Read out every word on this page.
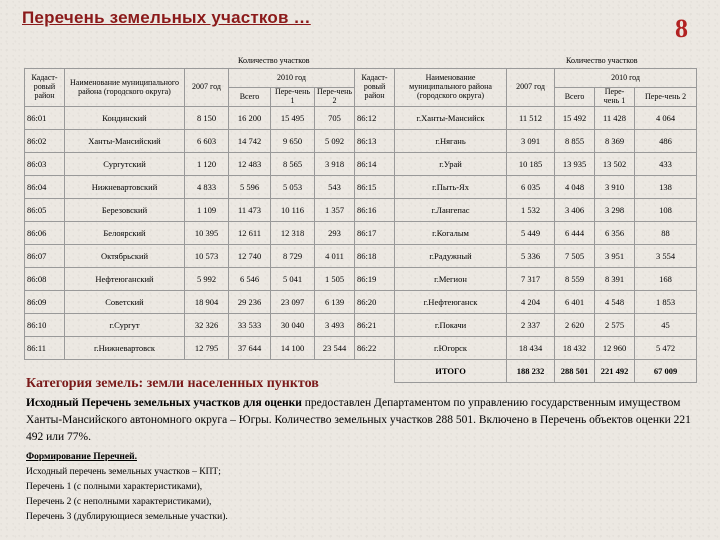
Перечень земельных участков …	8
Количество участков	Количество участков
Кадаст-ровый район	Наименование муниципального района (городского округа)	2007 год	2010 год			Кадаст-ровый район	Наименование муниципального района (городского округа)	2007 год	2010 год		
			Всего	Пере-чень 1	Пере-чень 2				Всего	Пере-чень 1	Пере-чень 2
86:01	Кондинский	8 150	16 200	15 495	705	86:12	г.Ханты-Мансийск	11 512	15 492	11 428	4 064
86:02	Ханты-Мансийский	6 603	14 742	9 650	5 092	86:13	г.Нягань	3 091	8 855	8 369	486
86:03	Сургутский	1 120	12 483	8 565	3 918	86:14	г.Урай	10 185	13 935	13 502	433
86:04	Нижневартовский	4 833	5 596	5 053	543	86:15	г.Пыть-Ях	6 035	4 048	3 910	138
86:05	Березовский	1 109	11 473	10 116	1 357	86:16	г.Лангепас	1 532	3 406	3 298	108
86:06	Белоярский	10 395	12 611	12 318	293	86:17	г.Когалым	5 449	6 444	6 356	88
86:07	Октябрьский	10 573	12 740	8 729	4 011	86:18	г.Радужный	5 336	7 505	3 951	3 554
86:08	Нефтеюганский	5 992	6 546	5 041	1 505	86:19	г.Мегион	7 317	8 559	8 391	168
86:09	Советский	18 904	29 236	23 097	6 139	86:20	г.Нефтеюганск	4 204	6 401	4 548	1 853
86:10	г.Сургут	32 326	33 533	30 040	3 493	86:21	г.Покачи	2 337	2 620	2 575	45
86:11	г.Нижневартовск	12 795	37 644	14 100	23 544	86:22	г.Югорск	18 434	18 432	12 960	5 472
							ИТОГО	188 232	288 501	221 492	67 009
Категория земель: земли населенных пунктов

Исходный Перечень земельных участков для оценки предоставлен Департаментом по управлению государственным имуществом Ханты-Мансийского автономного округа – Югры. Количество земельных участков 288 501. Включено в Перечень объектов оценки 221 492 или 77%.

Формирование Перечней.
Исходный перечень земельных участков – КПТ;
Перечень 1 (с полными характеристиками),
Перечень 2 (с неполными характеристиками),
Перечень 3 (дублирующиеся земельные участки).
